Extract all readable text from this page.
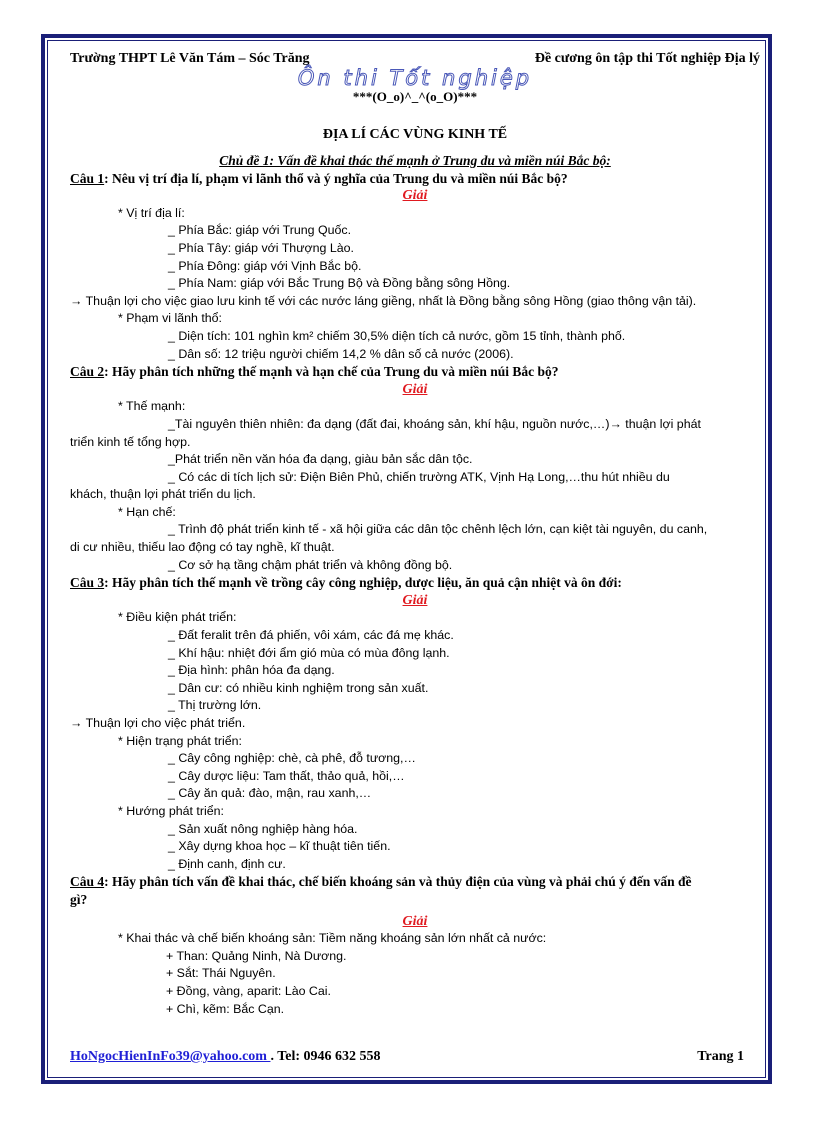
Trường THPT Lê Văn Tám – Sóc Trăng	Đề cương ôn tập thi Tốt nghiệp Địa lý
Ôn thi Tốt nghiệp
***(O_o)^_^(o_O)***
ĐỊA LÍ CÁC VÙNG KINH TẾ
Chủ đề 1: Vấn đề khai thác thế mạnh ở Trung du và miền núi Bắc bộ:
Câu 1: Nêu vị trí địa lí, phạm vi lãnh thổ và ý nghĩa của Trung du và miền núi Bắc bộ?
Giải
* Vị trí địa lí:
_ Phía Bắc: giáp với Trung Quốc.
_ Phía Tây: giáp với Thượng Lào.
_ Phía Đông: giáp với Vịnh Bắc bộ.
_ Phía Nam: giáp với Bắc Trung Bộ và Đồng bằng sông Hồng.
→ Thuận lợi cho việc giao lưu kinh tế với các nước láng giềng, nhất là Đồng bằng sông Hồng (giao thông vận tải).
* Phạm vi lãnh thổ:
_ Diện tích: 101 nghìn km² chiếm 30,5% diện tích cả nước, gồm 15 tỉnh, thành phố.
_ Dân số: 12 triệu người chiếm 14,2 % dân số cả nước (2006).
Câu 2: Hãy phân tích những thế mạnh và hạn chế của Trung du và miền núi Bắc bộ?
Giải
* Thế mạnh:
_Tài nguyên thiên nhiên: đa dạng (đất đai, khoáng sản, khí hậu, nguồn nước,…)→ thuận lợi phát
triển kinh tế tổng hợp.
_Phát triển nền văn hóa đa dạng, giàu bản sắc dân tộc.
_ Có các di tích lịch sử: Điện Biên Phủ, chiến trường ATK, Vịnh Hạ Long,…thu hút nhiều du
khách, thuận lợi phát triển du lịch.
* Hạn chế:
_ Trình độ phát triển kinh tế - xã hội giữa các dân tộc chênh lệch lớn, cạn kiệt tài nguyên, du canh,
di cư nhiều, thiếu lao động có tay nghề, kĩ thuật.
_ Cơ sở hạ tầng chậm phát triển và không đồng bộ.
Câu 3: Hãy phân tích thế mạnh về trồng cây công nghiệp, dược liệu, ăn quả cận nhiệt và ôn đới:
Giải
* Điều kiện phát triển:
_ Đất feralit trên đá phiến, vôi xám, các đá mẹ khác.
_ Khí hậu: nhiệt đới ẩm gió mùa có mùa đông lạnh.
_ Địa hình: phân hóa đa dạng.
_ Dân cư: có nhiều kinh nghiệm trong sản xuất.
_ Thị trường lớn.
→ Thuận lợi cho việc phát triển.
* Hiện trạng phát triển:
_ Cây công nghiệp: chè, cà phê, đỗ tương,…
_ Cây dược liệu: Tam thất, thảo quả, hồi,…
_ Cây ăn quả: đào, mận, rau xanh,…
* Hướng phát triển:
_ Sản xuất nông nghiệp hàng hóa.
_ Xây dựng khoa học – kĩ thuật tiên tiến.
_ Định canh, định cư.
Câu 4: Hãy phân tích vấn đề khai thác, chế biến khoáng sản và thủy điện của vùng và phải chú ý đến vấn đề
gì?
Giải
* Khai thác và chế biến khoáng sản: Tiềm năng khoáng sản lớn nhất cả nước:
+ Than: Quảng Ninh, Nà Dương.
+ Sắt: Thái Nguyên.
+ Đồng, vàng, aparit: Lào Cai.
+ Chì, kẽm: Bắc Cạn.
HoNgocHienInFo39@yahoo.com . Tel: 0946 632 558	Trang 1
